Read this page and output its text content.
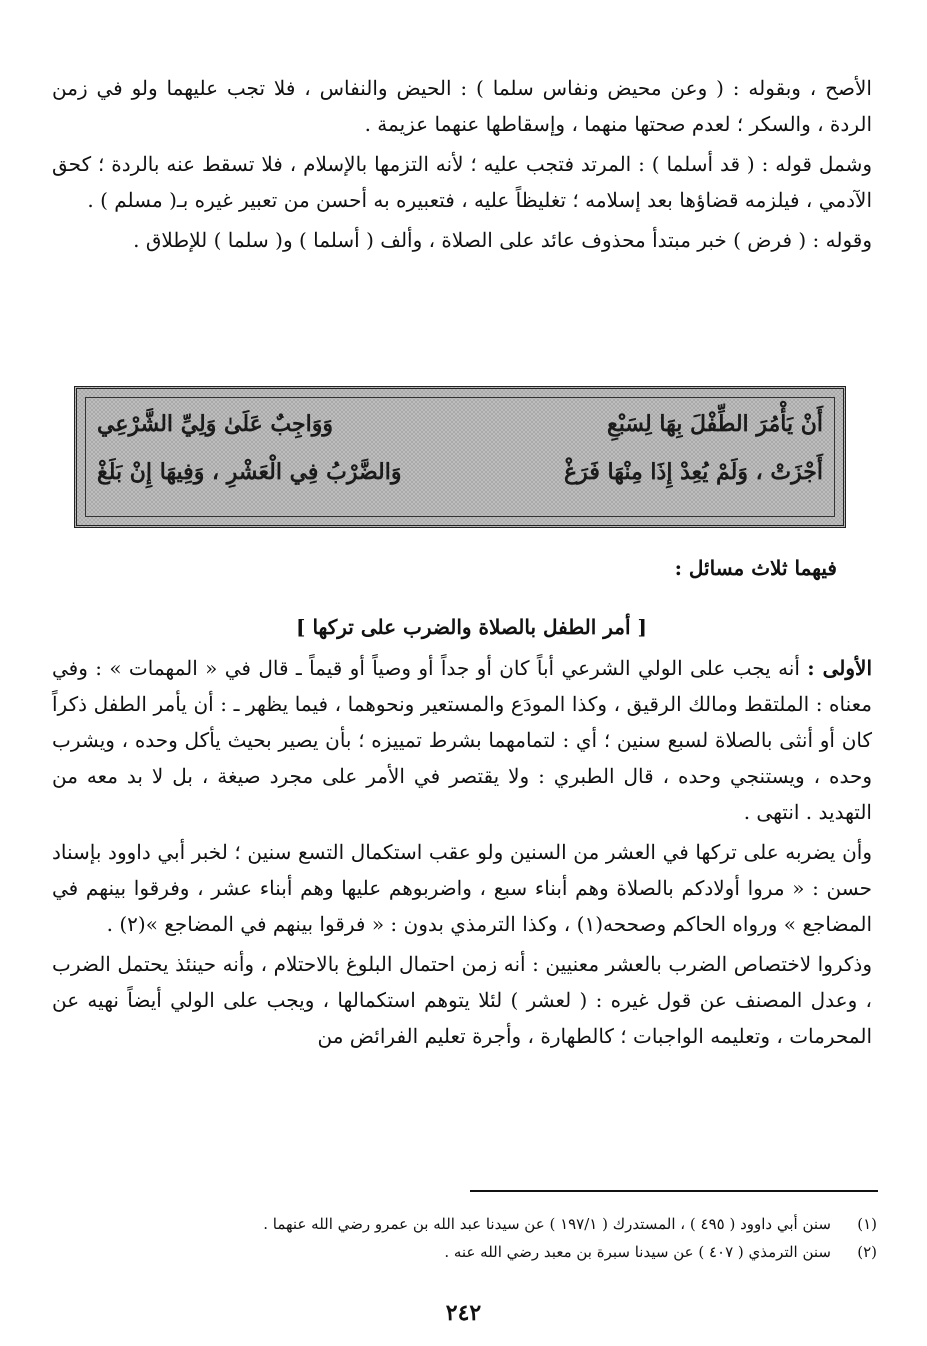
الأصح ، وبقوله : ( وعن محيض ونفاس سلما ) : الحيض والنفاس ، فلا تجب عليهما ولو في زمن الردة ، والسكر ؛ لعدم صحتها منهما ، وإسقاطها عنهما عزيمة .

وشمل قوله : ( قد أسلما ) : المرتد فتجب عليه ؛ لأنه التزمها بالإسلام ، فلا تسقط عنه بالردة ؛ كحق الآدمي ، فيلزمه قضاؤها بعد إسلامه ؛ تغليظاً عليه ، فتعبيره به أحسن من تعبير غيره بـ( مسلم ) .

وقوله : ( فرض ) خبر مبتدأ محذوف عائد على الصلاة ، وألف ( أسلما ) و( سلما ) للإطلاق .

أَنْ يَأْمُرَ الطِّفْلَ بِهَا لِسَبْعِ
وَوَاجِبٌ عَلَىٰ وَلِيِّ الشَّرْعِي
أَجْزَتْ ، وَلَمْ يُعِدْ إِذَا مِنْهَا فَرَغْ
وَالضَّرْبُ فِي الْعَشْرِ ، وَفِيهَا إِنْ بَلَغْ
فيهما ثلاث مسائل :
[ أمر الطفل بالصلاة والضرب على تركها ]

الأولى : أنه يجب على الولي الشرعي أباً كان أو جداً أو وصياً أو قيماً ـ قال في « المهمات » : وفي معناه : الملتقط ومالك الرقيق ، وكذا المودَع والمستعير ونحوهما ، فيما يظهر ـ : أن يأمر الطفل ذكراً كان أو أنثى بالصلاة لسبع سنين ؛ أي : لتمامهما بشرط تمييزه ؛ بأن يصير بحيث يأكل وحده ، ويشرب وحده ، ويستنجي وحده ، قال الطبري : ولا يقتصر في الأمر على مجرد صيغة ، بل لا بد معه من التهديد . انتهى .

وأن يضربه على تركها في العشر من السنين ولو عقب استكمال التسع سنين ؛ لخبر أبي داوود بإسناد حسن : « مروا أولادكم بالصلاة وهم أبناء سبع ، واضربوهم عليها وهم أبناء عشر ، وفرقوا بينهم في المضاجع » ورواه الحاكم وصححه(١) ، وكذا الترمذي بدون : « فرقوا بينهم في المضاجع »(٢) .

وذكروا لاختصاص الضرب بالعشر معنيين : أنه زمن احتمال البلوغ بالاحتلام ، وأنه حينئذ يحتمل الضرب ، وعدل المصنف عن قول غيره : ( لعشر ) لئلا يتوهم استكمالها ، ويجب على الولي أيضاً نهيه عن المحرمات ، وتعليمه الواجبات ؛ كالطهارة ، وأجرة تعليم الفرائض من

(١)سنن أبي داوود ( ٤٩٥ ) ، المستدرك ( ١٩٧/١ ) عن سيدنا عبد الله بن عمرو رضي الله عنهما .
(٢)سنن الترمذي ( ٤٠٧ ) عن سيدنا سبرة بن معبد رضي الله عنه .
٢٤٢
